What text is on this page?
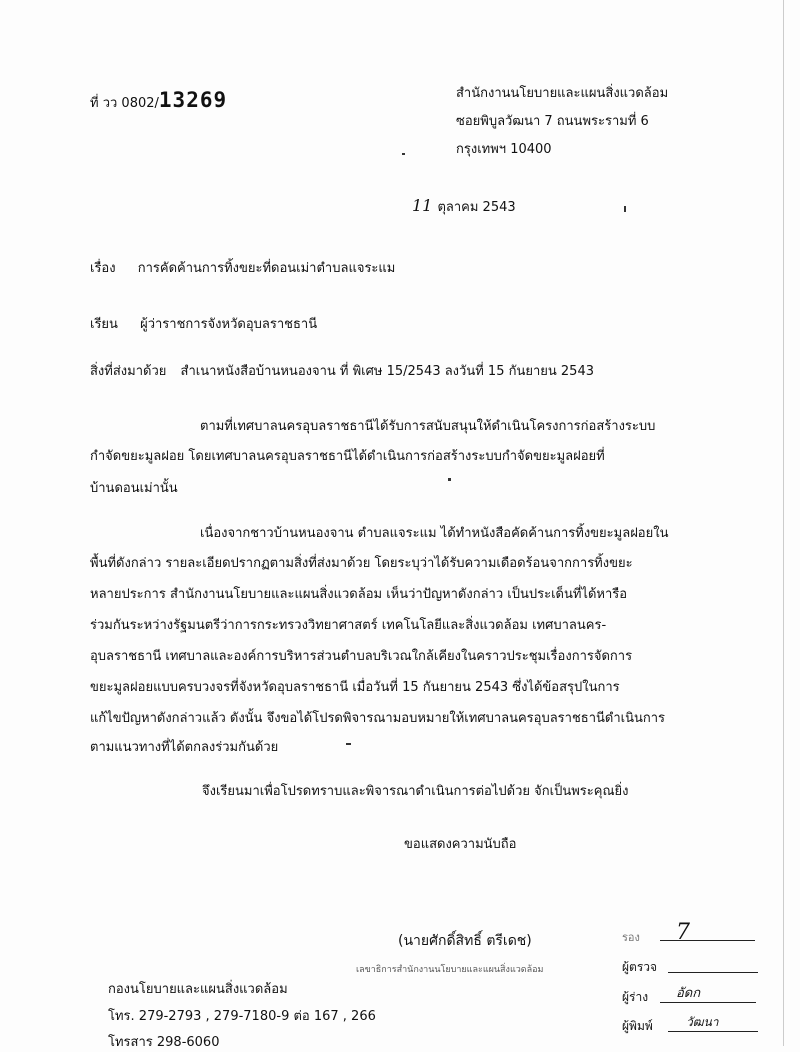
ที่ วว 0802/13269	สำนักงานนโยบายและแผนสิ่งแวดล้อม
ซอยพิบูลวัฒนา 7 ถนนพระรามที่ 6
กรุงเทพฯ 10400
11 ตุลาคม 2543
เรื่อง การคัดค้านการทิ้งขยะที่ดอนเม่าตำบลแจระแม
เรียน ผู้ว่าราชการจังหวัดอุบลราชธานี
สิ่งที่ส่งมาด้วย สำเนาหนังสือบ้านหนองจาน ที่ พิเศษ 15/2543 ลงวันที่ 15 กันยายน 2543
ตามที่เทศบาลนครอุบลราชธานีได้รับการสนับสนุนให้ดำเนินโครงการก่อสร้างระบบ
กำจัดขยะมูลฝอย โดยเทศบาลนครอุบลราชธานีได้ดำเนินการก่อสร้างระบบกำจัดขยะมูลฝอยที่
บ้านดอนเม่านั้น
เนื่องจากชาวบ้านหนองจาน ตำบลแจระแม ได้ทำหนังสือคัดค้านการทิ้งขยะมูลฝอยใน
พื้นที่ดังกล่าว รายละเอียดปรากฏตามสิ่งที่ส่งมาด้วย โดยระบุว่าได้รับความเดือดร้อนจากการทิ้งขยะ
หลายประการ สำนักงานนโยบายและแผนสิ่งแวดล้อม เห็นว่าปัญหาดังกล่าว เป็นประเด็นที่ได้หารือ
ร่วมกันระหว่างรัฐมนตรีว่าการกระทรวงวิทยาศาสตร์ เทคโนโลยีและสิ่งแวดล้อม เทศบาลนคร-
อุบลราชธานี เทศบาลและองค์การบริหารส่วนตำบลบริเวณใกล้เคียงในคราวประชุมเรื่องการจัดการ
ขยะมูลฝอยแบบครบวงจรที่จังหวัดอุบลราชธานี เมื่อวันที่ 15 กันยายน 2543 ซึ่งได้ข้อสรุปในการ
แก้ไขปัญหาดังกล่าวแล้ว ดังนั้น จึงขอได้โปรดพิจารณามอบหมายให้เทศบาลนครอุบลราชธานีดำเนินการ
ตามแนวทางที่ได้ตกลงร่วมกันด้วย
จึงเรียนมาเพื่อโปรดทราบและพิจารณาดำเนินการต่อไปด้วย จักเป็นพระคุณยิ่ง
ขอแสดงความนับถือ
(นายศักดิ์สิทธิ์ ตรีเดช)
เลขาธิการสำนักงานนโยบายและแผนสิ่งแวดล้อม
กองนโยบายและแผนสิ่งแวดล้อม
โทร. 279-2793 , 279-7180-9 ต่อ 167 , 266
โทรสาร 298-6060
รอง 7
ผู้ตรวจ
ผู้ร่าง อัดก
ผู้พิมพ์	วัฒนา
